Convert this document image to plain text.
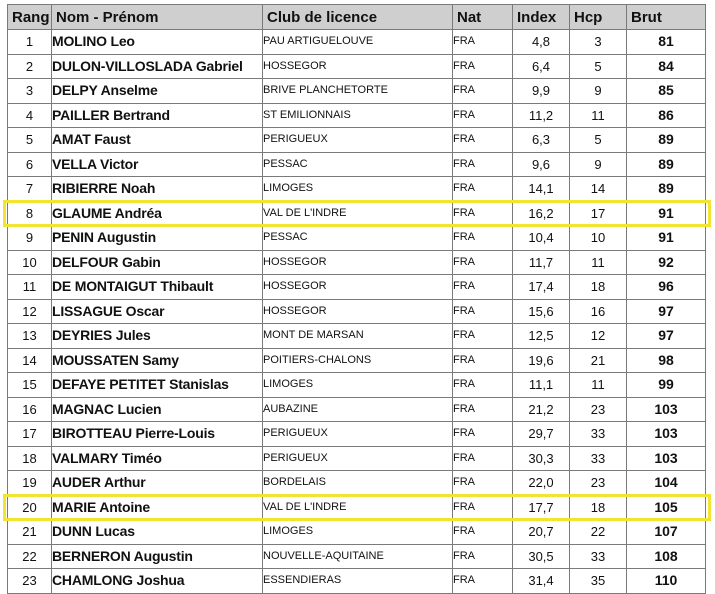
Rang	Nom - Prénom	Club de licence	Nat	Index	Hcp	Brut
1	MOLINO Leo	PAU ARTIGUELOUVE	FRA	4,8	3	81
2	DULON-VILLOSLADA Gabriel	HOSSEGOR	FRA	6,4	5	84
3	DELPY Anselme	BRIVE PLANCHETORTE	FRA	9,9	9	85
4	PAILLER Bertrand	ST EMILIONNAIS	FRA	11,2	11	86
5	AMAT Faust	PERIGUEUX	FRA	6,3	5	89
6	VELLA Victor	PESSAC	FRA	9,6	9	89
7	RIBIERRE Noah	LIMOGES	FRA	14,1	14	89
8	GLAUME Andréa	VAL DE L'INDRE	FRA	16,2	17	91
9	PENIN Augustin	PESSAC	FRA	10,4	10	91
10	DELFOUR Gabin	HOSSEGOR	FRA	11,7	11	92
11	DE MONTAIGUT Thibault	HOSSEGOR	FRA	17,4	18	96
12	LISSAGUE Oscar	HOSSEGOR	FRA	15,6	16	97
13	DEYRIES Jules	MONT DE MARSAN	FRA	12,5	12	97
14	MOUSSATEN Samy	POITIERS-CHALONS	FRA	19,6	21	98
15	DEFAYE PETITET Stanislas	LIMOGES	FRA	11,1	11	99
16	MAGNAC Lucien	AUBAZINE	FRA	21,2	23	103
17	BIROTTEAU Pierre-Louis	PERIGUEUX	FRA	29,7	33	103
18	VALMARY Timéo	PERIGUEUX	FRA	30,3	33	103
19	AUDER Arthur	BORDELAIS	FRA	22,0	23	104
20	MARIE Antoine	VAL DE L'INDRE	FRA	17,7	18	105
21	DUNN Lucas	LIMOGES	FRA	20,7	22	107
22	BERNERON Augustin	NOUVELLE-AQUITAINE	FRA	30,5	33	108
23	CHAMLONG Joshua	ESSENDIERAS	FRA	31,4	35	110
